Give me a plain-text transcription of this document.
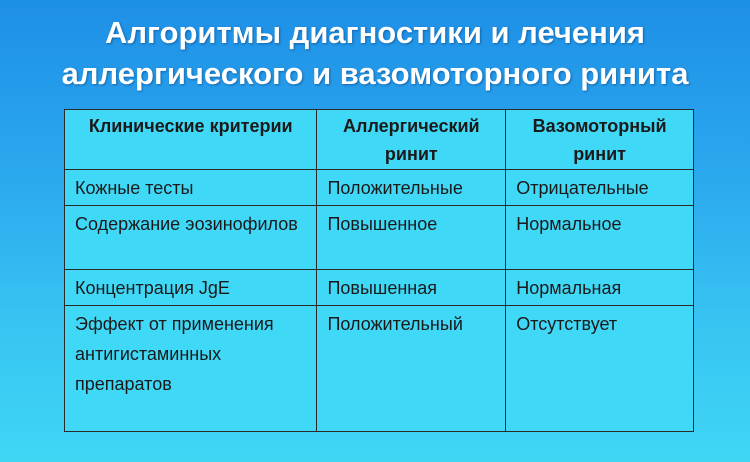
Алгоритмы диагностики и лечения
аллергического и вазомоторного ринита
Клинические критерии	Аллергический ринит	Вазомоторный ринит
Кожные тесты	Положительные	Отрицательные
Содержание эозинофилов	Повышенное	Нормальное
Концентрация JgE	Повышенная	Нормальная
Эффект от применения антигистаминных препаратов	Положительный	Отсутствует
